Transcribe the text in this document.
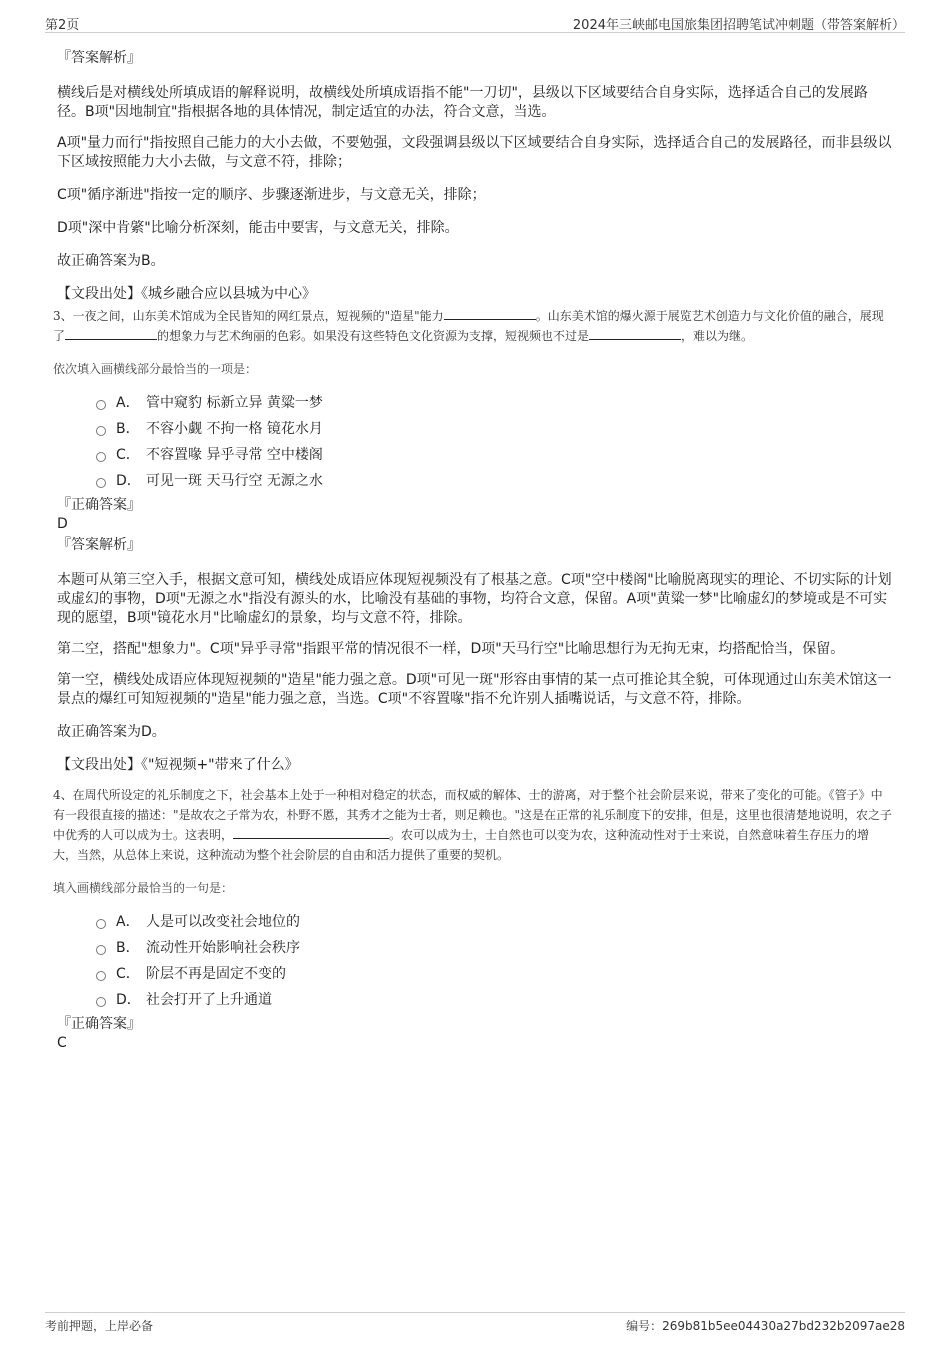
第2页	2024年三峡邮电国旅集团招聘笔试冲刺题（带答案解析）

『答案解析』

横线后是对横线处所填成语的解释说明，故横线处所填成语指不能"一刀切"，县级以下区域要结合自身实际，选择适合自己的发展路径。B项"因地制宜"指根据各地的具体情况，制定适宜的办法，符合文意，当选。

A项"量力而行"指按照自己能力的大小去做，不要勉强，文段强调县级以下区域要结合自身实际，选择适合自己的发展路径，而非县级以下区域按照能力大小去做，与文意不符，排除；

C项"循序渐进"指按一定的顺序、步骤逐渐进步，与文意无关，排除；

D项"深中肯綮"比喻分析深刻，能击中要害，与文意无关，排除。

故正确答案为B。

【文段出处】《城乡融合应以县城为中心》

3、一夜之间，山东美术馆成为全民皆知的网红景点，短视频的"造星"能力	。山东美术馆的爆火源于展览艺术创造力与文化价值的融合，展现了	的想象力与艺术绚丽的色彩。如果没有这些特色文化资源为支撑，短视频也不过是	，难以为继。

依次填入画横线部分最恰当的一项是：

A． 管中窥豹 标新立异 黄粱一梦
B． 不容小觑 不拘一格 镜花水月
C． 不容置喙 异乎寻常 空中楼阁
D． 可见一斑 天马行空 无源之水

『正确答案』

D

『答案解析』

本题可从第三空入手，根据文意可知，横线处成语应体现短视频没有了根基之意。C项"空中楼阁"比喻脱离现实的理论、不切实际的计划或虚幻的事物，D项"无源之水"指没有源头的水，比喻没有基础的事物，均符合文意，保留。A项"黄粱一梦"比喻虚幻的梦境或是不可实现的愿望，B项"镜花水月"比喻虚幻的景象，均与文意不符，排除。

第二空，搭配"想象力"。C项"异乎寻常"指跟平常的情况很不一样，D项"天马行空"比喻思想行为无拘无束，均搭配恰当，保留。

第一空，横线处成语应体现短视频的"造星"能力强之意。D项"可见一斑"形容由事情的某一点可推论其全貌，可体现通过山东美术馆这一景点的爆红可知短视频的"造星"能力强之意，当选。C项"不容置喙"指不允许别人插嘴说话，与文意不符，排除。

故正确答案为D。

【文段出处】《"短视频+"带来了什么》

4、在周代所设定的礼乐制度之下，社会基本上处于一种相对稳定的状态，而权威的解体、士的游离，对于整个社会阶层来说，带来了变化的可能。《管子》中有一段很直接的描述："是故农之子常为农，朴野不慝，其秀才之能为士者，则足赖也。"这是在正常的礼乐制度下的安排，但是，这里也很清楚地说明，农之子中优秀的人可以成为士。这表明，	。农可以成为士，士自然也可以变为农，这种流动性对于士来说，自然意味着生存压力的增大，当然，从总体上来说，这种流动为整个社会阶层的自由和活力提供了重要的契机。

填入画横线部分最恰当的一句是：

A． 人是可以改变社会地位的
B． 流动性开始影响社会秩序
C． 阶层不再是固定不变的
D． 社会打开了上升通道

『正确答案』

C

考前押题，上岸必备	编号：269b81b5ee04430a27bd232b2097ae28
